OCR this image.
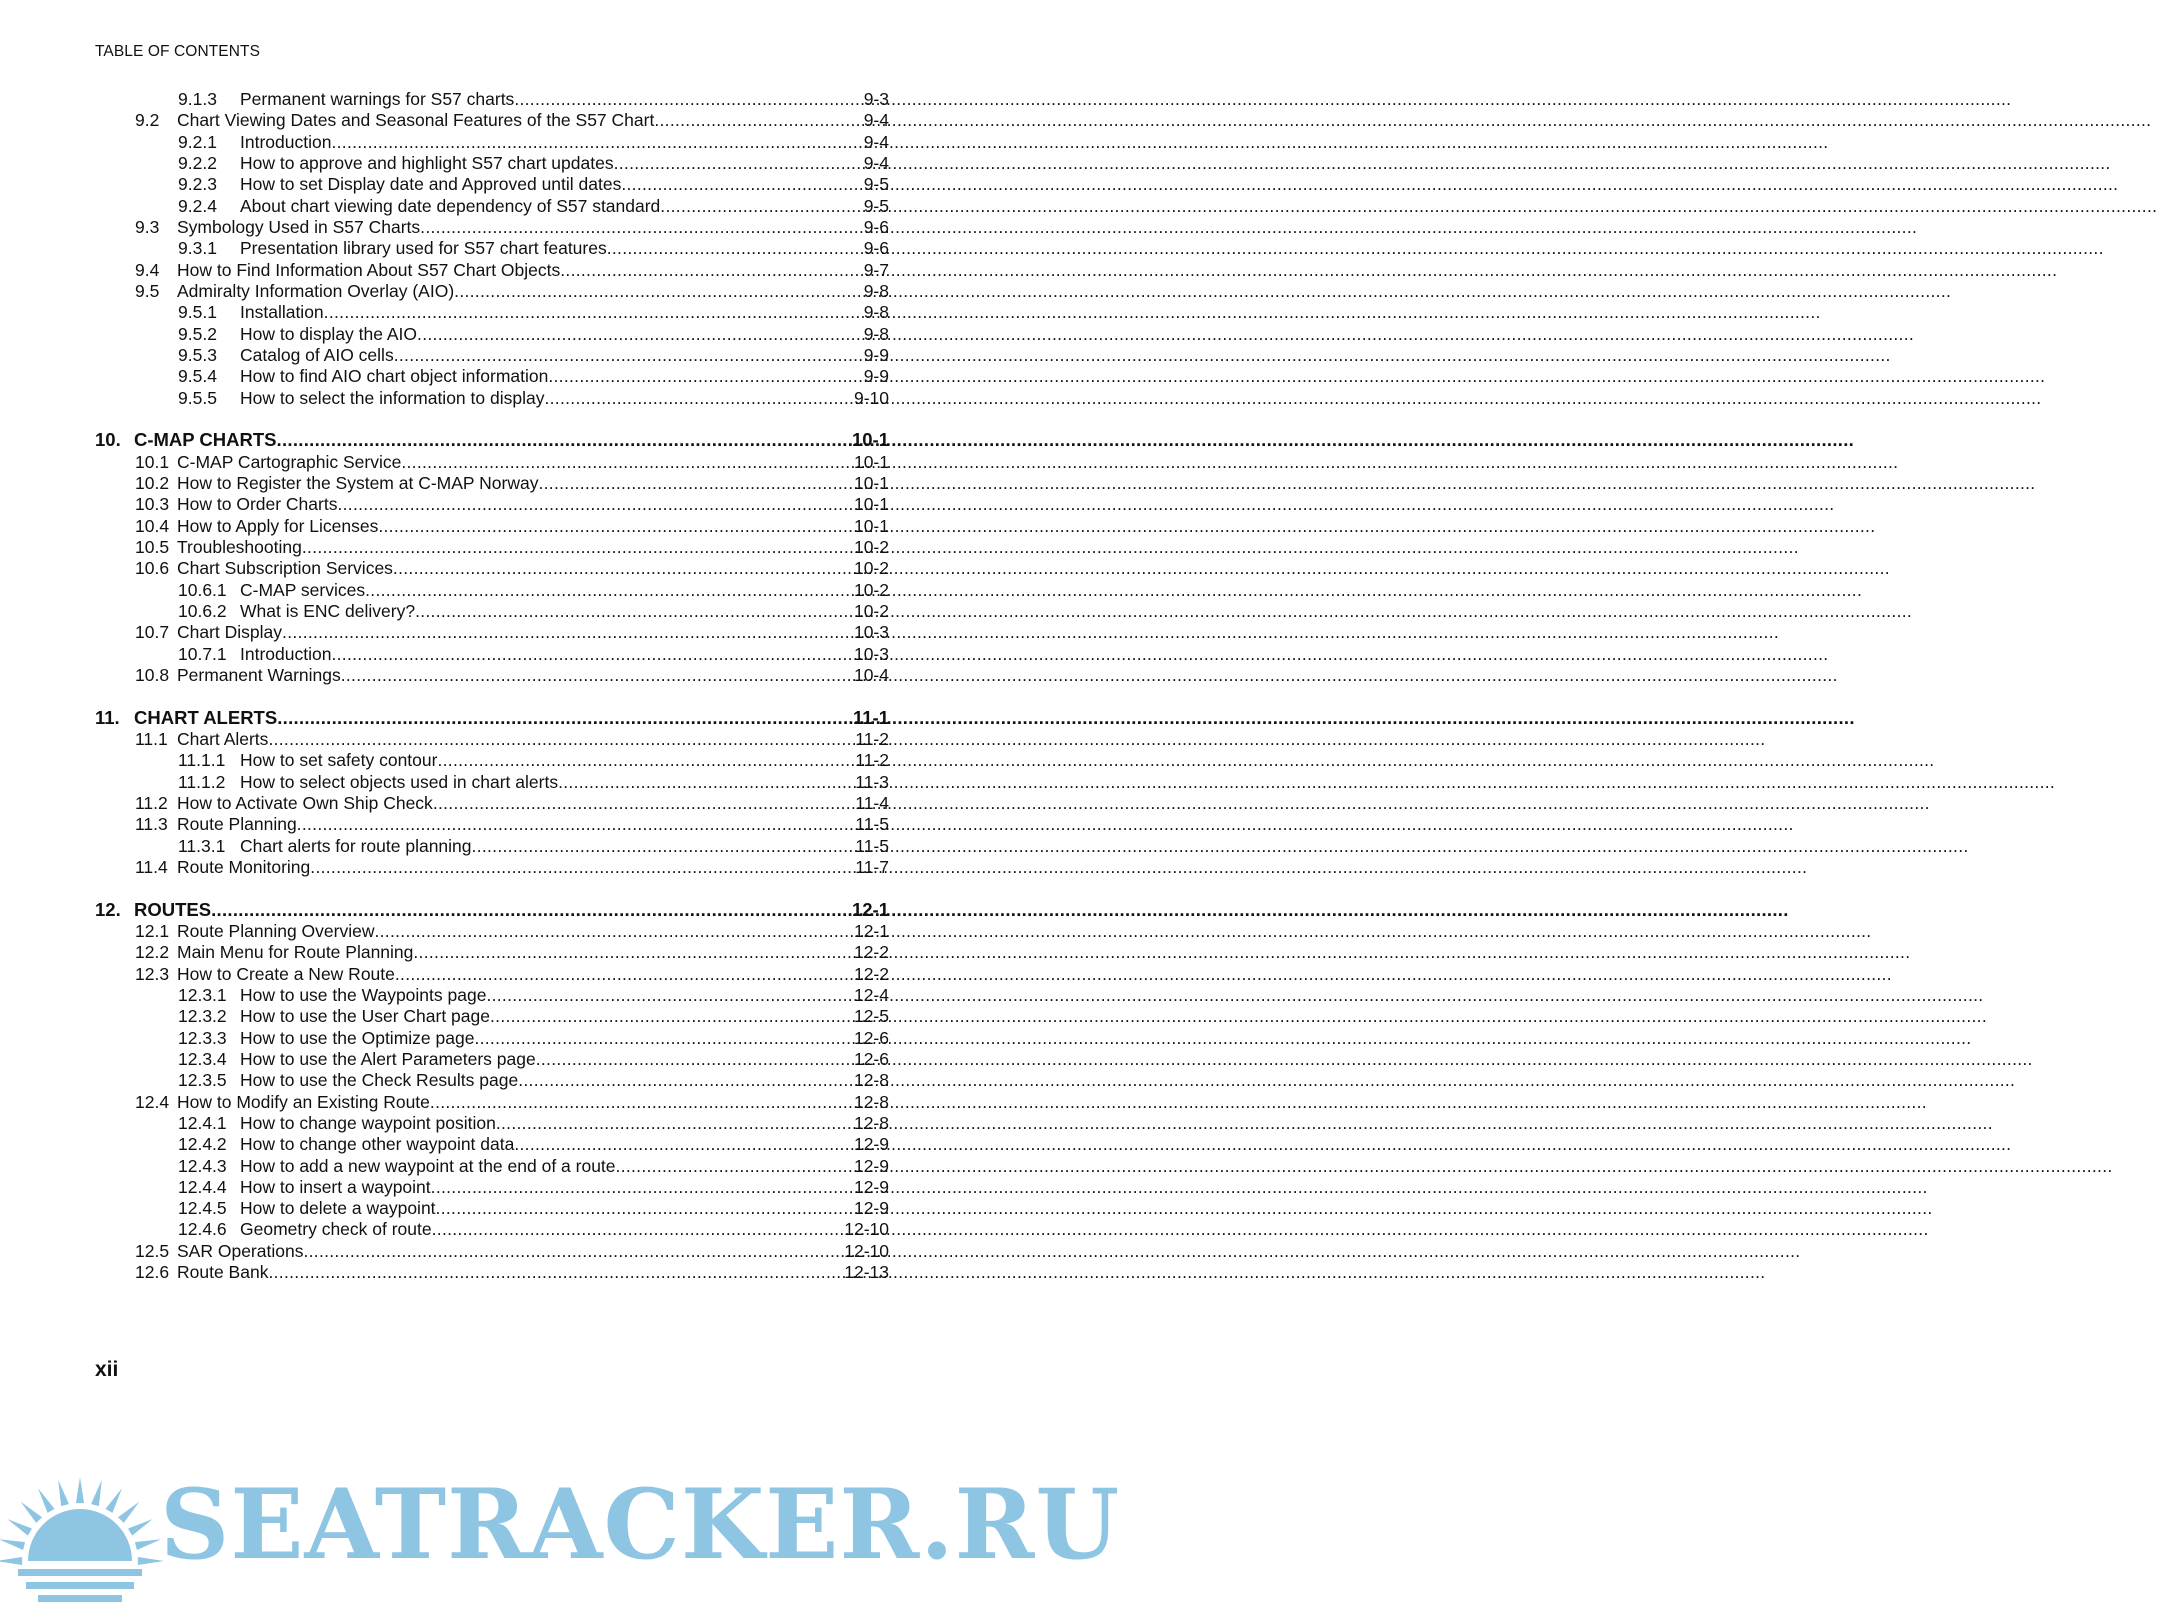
TABLE OF CONTENTS
9.1.3	Permanent warnings for S57 charts .....	9-3
9.2	Chart Viewing Dates and Seasonal Features of the S57 Chart .....	9-4
9.2.1	Introduction .....	9-4
9.2.2	How to approve and highlight S57 chart updates .....	9-4
9.2.3	How to set Display date and Approved until dates .....	9-5
9.2.4	About chart viewing date dependency of S57 standard .....	9-5
9.3	Symbology Used in S57 Charts .....	9-6
9.3.1	Presentation library used for S57 chart features .....	9-6
9.4	How to Find Information About S57 Chart Objects .....	9-7
9.5	Admiralty Information Overlay (AIO) .....	9-8
9.5.1	Installation .....	9-8
9.5.2	How to display the AIO .....	9-8
9.5.3	Catalog of AIO cells .....	9-9
9.5.4	How to find AIO chart object information .....	9-9
9.5.5	How to select the information to display .....	9-10
10. C-MAP CHARTS .....	10-1
10.1 C-MAP Cartographic Service .....	10-1
10.2 How to Register the System at C-MAP Norway .....	10-1
10.3 How to Order Charts .....	10-1
10.4 How to Apply for Licenses .....	10-1
10.5 Troubleshooting .....	10-2
10.6 Chart Subscription Services .....	10-2
10.6.1 C-MAP services .....	10-2
10.6.2 What is ENC delivery? .....	10-2
10.7 Chart Display .....	10-3
10.7.1 Introduction .....	10-3
10.8 Permanent Warnings .....	10-4
11. CHART ALERTS .....	11-1
11.1 Chart Alerts .....	11-2
11.1.1 How to set safety contour .....	11-2
11.1.2 How to select objects used in chart alerts .....	11-3
11.2 How to Activate Own Ship Check .....	11-4
11.3 Route Planning .....	11-5
11.3.1 Chart alerts for route planning .....	11-5
11.4 Route Monitoring .....	11-7
12. ROUTES .....	12-1
12.1 Route Planning Overview .....	12-1
12.2 Main Menu for Route Planning .....	12-2
12.3 How to Create a New Route .....	12-2
12.3.1 How to use the Waypoints page .....	12-4
12.3.2 How to use the User Chart page .....	12-5
12.3.3 How to use the Optimize page .....	12-6
12.3.4 How to use the Alert Parameters page .....	12-6
12.3.5 How to use the Check Results page .....	12-8
12.4 How to Modify an Existing Route .....	12-8
12.4.1 How to change waypoint position .....	12-8
12.4.2 How to change other waypoint data .....	12-9
12.4.3 How to add a new waypoint at the end of a route .....	12-9
12.4.4 How to insert a waypoint .....	12-9
12.4.5 How to delete a waypoint .....	12-9
12.4.6 Geometry check of route .....	12-10
12.5 SAR Operations .....	12-10
12.6 Route Bank .....	12-13
xii
SEATRACKER.RU
